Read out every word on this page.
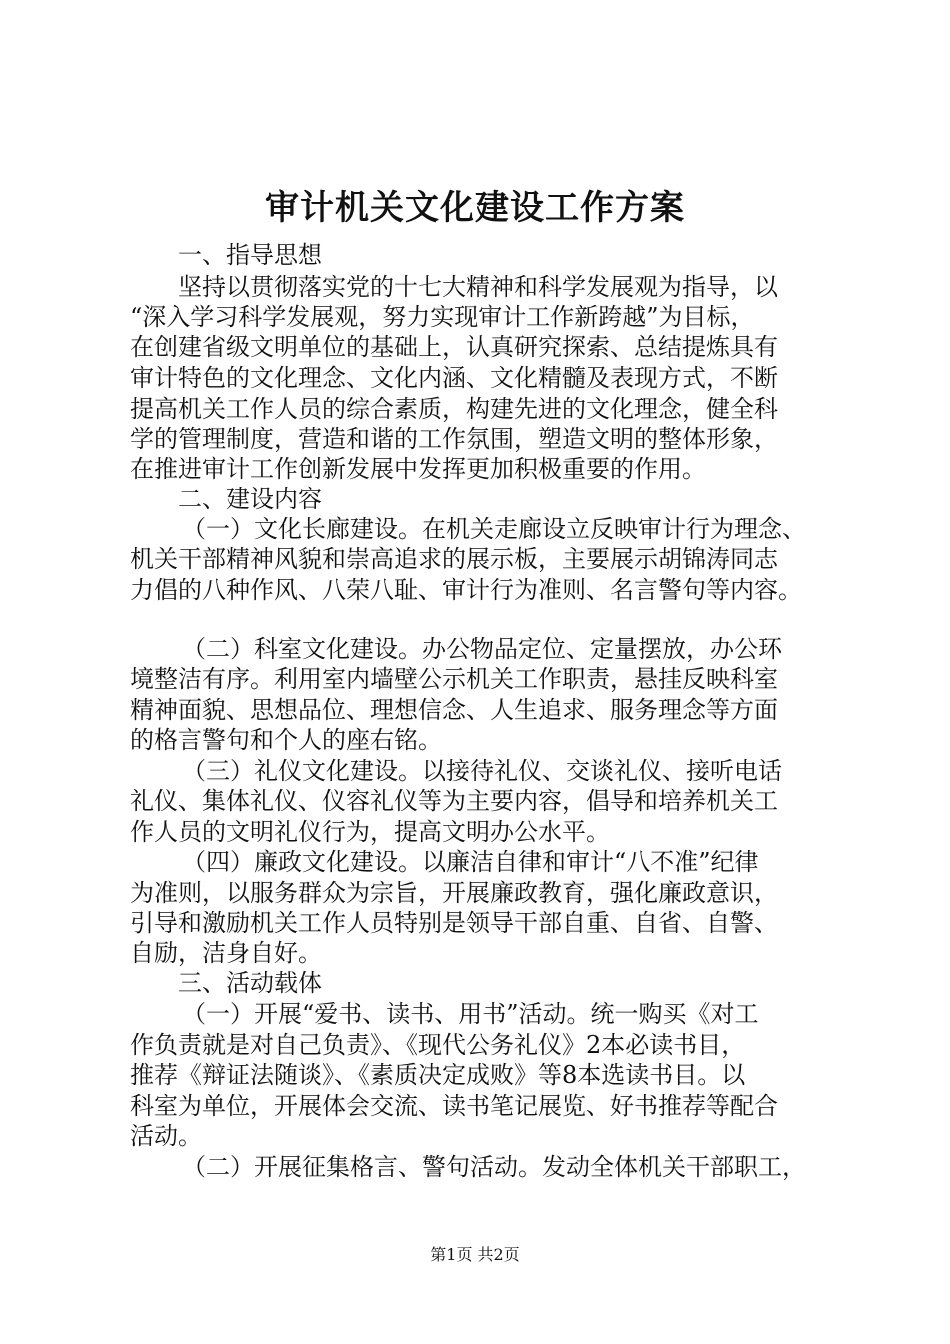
审计机关文化建设工作方案
一、指导思想
坚持以贯彻落实党的十七大精神和科学发展观为指导，以
“深入学习科学发展观，努力实现审计工作新跨越”为目标，
在创建省级文明单位的基础上，认真研究探索、总结提炼具有
审计特色的文化理念、文化内涵、文化精髓及表现方式，不断
提高机关工作人员的综合素质，构建先进的文化理念，健全科
学的管理制度，营造和谐的工作氛围，塑造文明的整体形象，
在推进审计工作创新发展中发挥更加积极重要的作用。
二、建设内容
（一）文化长廊建设。在机关走廊设立反映审计行为理念、
机关干部精神风貌和崇高追求的展示板，主要展示胡锦涛同志
力倡的八种作风、八荣八耻、审计行为准则、名言警句等内容。
（二）科室文化建设。办公物品定位、定量摆放，办公环
境整洁有序。利用室内墙壁公示机关工作职责，悬挂反映科室
精神面貌、思想品位、理想信念、人生追求、服务理念等方面
的格言警句和个人的座右铭。
（三）礼仪文化建设。以接待礼仪、交谈礼仪、接听电话
礼仪、集体礼仪、仪容礼仪等为主要内容，倡导和培养机关工
作人员的文明礼仪行为，提高文明办公水平。
（四）廉政文化建设。以廉洁自律和审计“八不准”纪律
为准则，以服务群众为宗旨，开展廉政教育，强化廉政意识，
引导和激励机关工作人员特别是领导干部自重、自省、自警、
自励，洁身自好。
三、活动载体
（一）开展“爱书、读书、用书”活动。统一购买《对工
作负责就是对自己负责》、《现代公务礼仪》2本必读书目，
推荐《辩证法随谈》、《素质决定成败》等8本选读书目。以
科室为单位，开展体会交流、读书笔记展览、好书推荐等配合
活动。
（二）开展征集格言、警句活动。发动全体机关干部职工，
第1页 共2页
